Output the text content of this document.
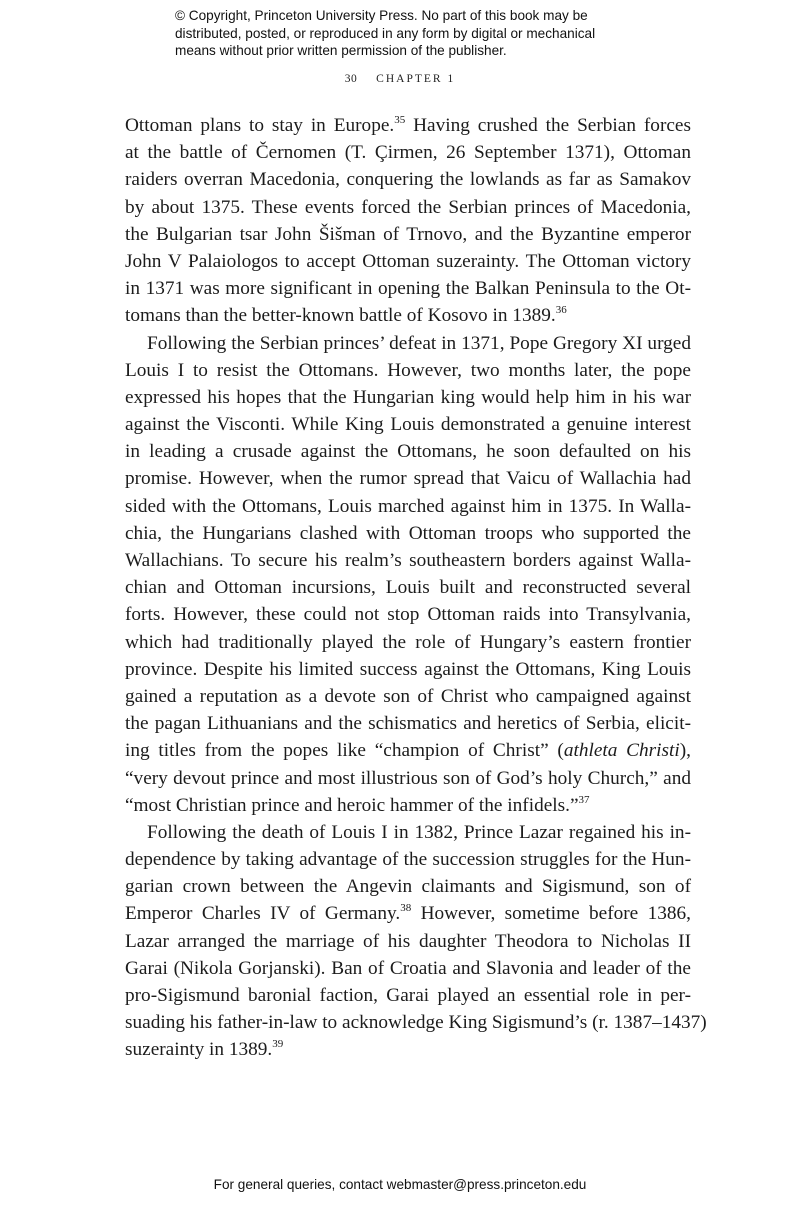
© Copyright, Princeton University Press. No part of this book may be
distributed, posted, or reproduced in any form by digital or mechanical
means without prior written permission of the publisher.
30 CHAPTER 1
Ottoman plans to stay in Europe.$^{35}$ Having crushed the Serbian forces
at the battle of Černomen (T. Çirmen, 26 September 1371), Ottoman
raiders overran Macedonia, conquering the lowlands as far as Samakov
by about 1375. These events forced the Serbian princes of Macedonia,
the Bulgarian tsar John Šišman of Trnovo, and the Byzantine emperor
John V Palaiologos to accept Ottoman suzerainty. The Ottoman victory
in 1371 was more significant in opening the Balkan Peninsula to the Ot-
tomans than the better-known battle of Kosovo in 1389.36
Following the Serbian princes’ defeat in 1371, Pope Gregory XI urged
Louis I to resist the Ottomans. However, two months later, the pope
expressed his hopes that the Hungarian king would help him in his war
against the Visconti. While King Louis demonstrated a genuine interest
in leading a crusade against the Ottomans, he soon defaulted on his
promise. However, when the rumor spread that Vaicu of Wallachia had
sided with the Ottomans, Louis marched against him in 1375. In Walla-
chia, the Hungarians clashed with Ottoman troops who supported the
Wallachians. To secure his realm’s southeastern borders against Walla-
chian and Ottoman incursions, Louis built and reconstructed several
forts. However, these could not stop Ottoman raids into Transylvania,
which had traditionally played the role of Hungary’s eastern frontier
province. Despite his limited success against the Ottomans, King Louis
gained a reputation as a devote son of Christ who campaigned against
the pagan Lithuanians and the schismatics and heretics of Serbia, elicit-
ing titles from the popes like “champion of Christ” (athleta Christi),
“very devout prince and most illustrious son of God’s holy Church,” and
“most Christian prince and heroic hammer of the infidels.”$^{37}$
Following the death of Louis I in 1382, Prince Lazar regained his in-
dependence by taking advantage of the succession struggles for the Hun-
garian crown between the Angevin claimants and Sigismund, son of
Emperor Charles IV of Germany.$^{38}$ However, sometime before 1386,
Lazar arranged the marriage of his daughter Theodora to Nicholas II
Garai (Nikola Gorjanski). Ban of Croatia and Slavonia and leader of the
pro-Sigismund baronial faction, Garai played an essential role in per-
suading his father-in-law to acknowledge King Sigismund’s (r. 1387–1437)
suzerainty in 1389.39
For general queries, contact webmaster@press.princeton.edu
